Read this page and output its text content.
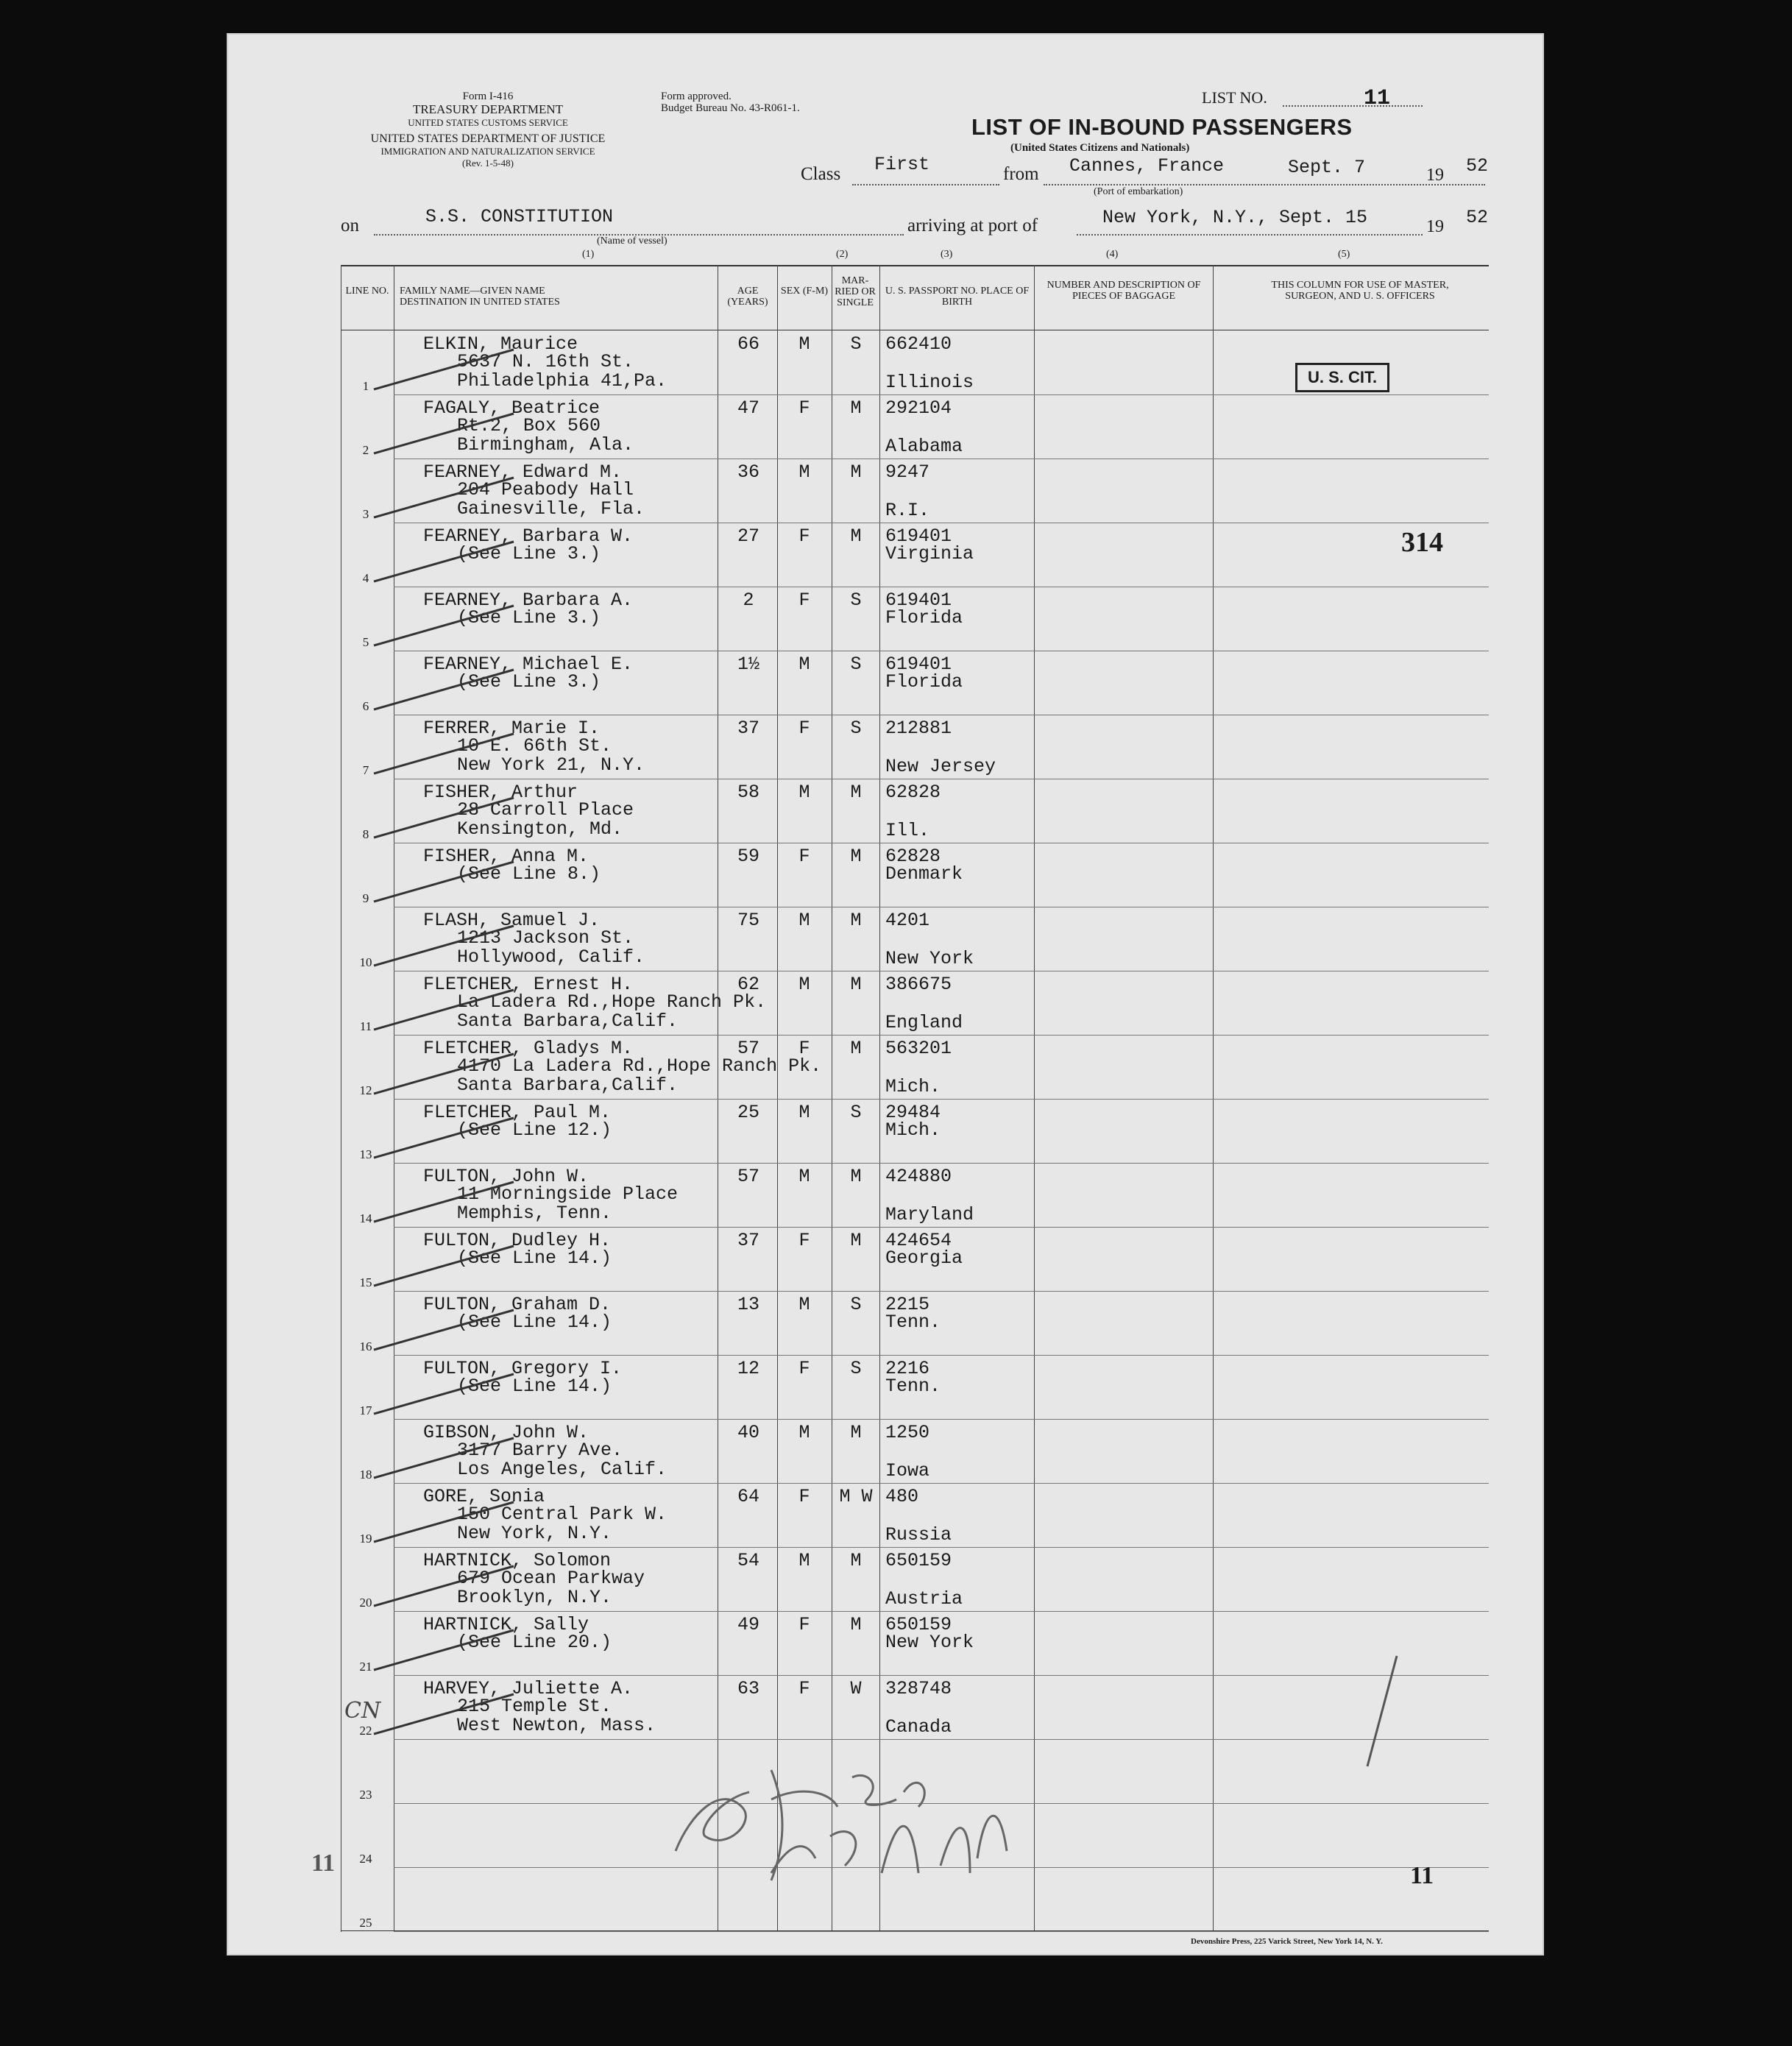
Form I-416
TREASURY DEPARTMENT
UNITED STATES CUSTOMS SERVICE
UNITED STATES DEPARTMENT OF JUSTICE
IMMIGRATION AND NATURALIZATION SERVICE
(Rev. 1-5-48)
Form approved.
Budget Bureau No. 43-R061-1.
LIST NO.	11
LIST OF IN-BOUND PASSENGERS
(United States Citizens and Nationals)
Class First	from Cannes, France	Sept. 7
(Port of embarkation)
19 52
on	S.S. CONSTITUTION
(Name of vessel)
arriving at port of	New York, N.Y., Sept. 15	19 52
(1)	(2)	(3)	(4)	(5)
LINE NO. FAMILY NAME—GIVEN NAME DESTINATION IN UNITED STATES
AGE (YEARS)
SEX (F-M)
MAR- RIED OR SINGLE
U. S. PASSPORT NO. PLACE OF BIRTH
NUMBER AND DESCRIPTION OF PIECES OF BAGGAGE
THIS COLUMN FOR USE OF MASTER, SURGEON, AND U. S. OFFICERS
1
ELKIN, Maurice
5637 N. 16th St.
Philadelphia 41,Pa.
66	M	S	662410
Illinois
2
FAGALY, Beatrice
Rt.2, Box 560
Birmingham, Ala.
47	F	M	292104
Alabama
3
FEARNEY, Edward M.
204 Peabody Hall
Gainesville, Fla.
36	M	M	9247
R.I.
4
FEARNEY, Barbara W.
(See Line 3.)
27	F	M	619401
Virginia
5
FEARNEY, Barbara A.
(See Line 3.)
2	F	S	619401
Florida
6
FEARNEY, Michael E.
(See Line 3.)
1½	M	S	619401
Florida
7
FERRER, Marie I.
10 E. 66th St.
New York 21, N.Y.
37	F	S	212881
New Jersey
8
FISHER, Arthur
28 Carroll Place
Kensington, Md.
58	M	M	62828
Ill.
9
FISHER, Anna M.
(See Line 8.)
59	F	M	62828
Denmark
10
FLASH, Samuel J.
1213 Jackson St.
Hollywood, Calif.
75	M	M	4201
New York
11
FLETCHER, Ernest H.
La Ladera Rd.,Hope Ranch Pk.
Santa Barbara,Calif.
62	M	M	386675
England
12
FLETCHER, Gladys M.
4170 La Ladera Rd.,Hope Ranch Pk.
Santa Barbara,Calif.
57	F	M	563201
Mich.
13
FLETCHER, Paul M.
(See Line 12.)
25	M	S	29484
Mich.
14
FULTON, John W.
11 Morningside Place
Memphis, Tenn.
57	M	M	424880
Maryland
15
FULTON, Dudley H.
(See Line 14.)
37	F	M	424654
Georgia
16
FULTON, Graham D.
(See Line 14.)
13	M	S	2215
Tenn.
17
FULTON, Gregory I.
(See Line 14.)
12	F	S	2216
Tenn.
18
GIBSON, John W.
3177 Barry Ave.
Los Angeles, Calif.
40	M	M	1250
Iowa
19
GORE, Sonia
150 Central Park W.
New York, N.Y.
64	F	M W 480
Russia
20
HARTNICK, Solomon
679 Ocean Parkway
Brooklyn, N.Y.
54	M	M	650159
Austria
21
HARTNICK, Sally
(See Line 20.)
49	F	M	650159
New York
22
HARVEY, Juliette A.
215 Temple St.
West Newton, Mass.
63	F	W	328748
Canada
23
24
25
U. S. CIT.
314
11
11
CN
Devonshire Press, 225 Varick Street, New York 14, N. Y.
